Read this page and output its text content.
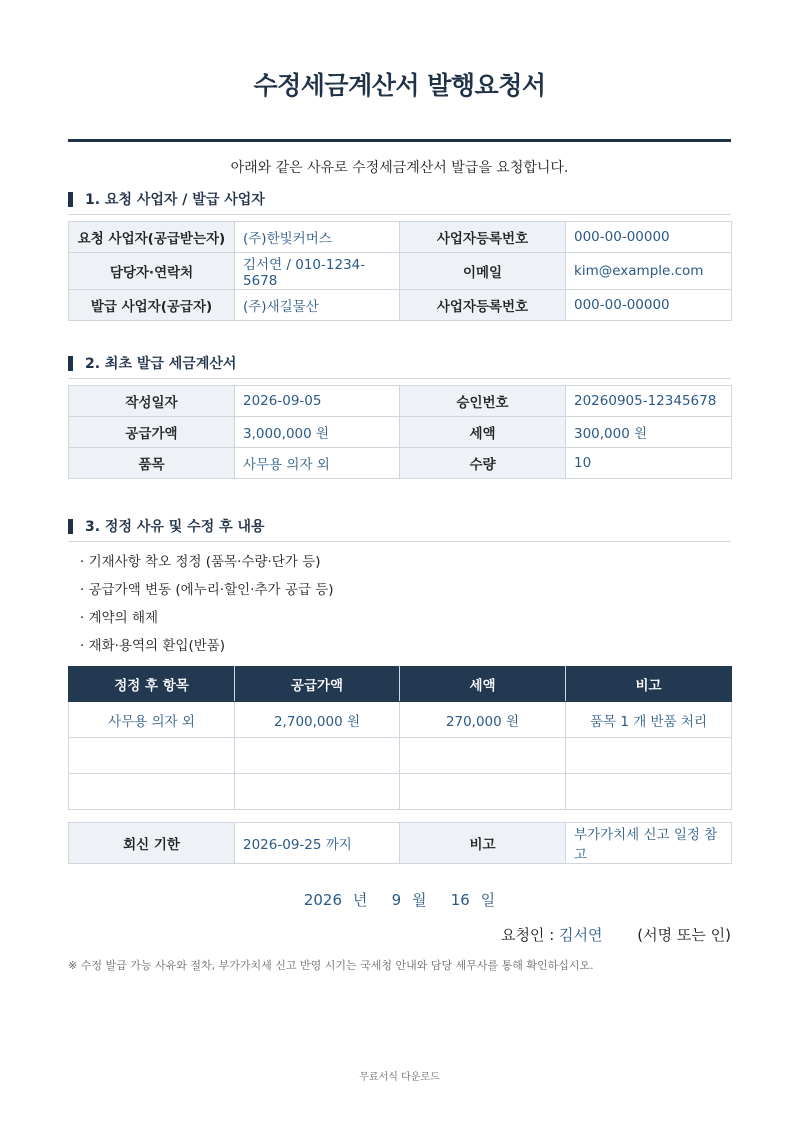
수정세금계산서 발행요청서
아래와 같은 사유로 수정세금계산서 발급을 요청합니다.
1. 요청 사업자 / 발급 사업자
요청 사업자(공급받는자)	(주)한빛커머스	사업자등록번호	000-00-00000
담당자·연락처	김서연 / 010-1234-5678	이메일	kim@example.com
발급 사업자(공급자)	(주)새길물산	사업자등록번호	000-00-00000
2. 최초 발급 세금계산서
작성일자	2026-09-05	승인번호	20260905-12345678
공급가액	3,000,000 원	세액	300,000 원
품목	사무용 의자 외	수량	10
3. 정정 사유 및 수정 후 내용
· 기재사항 착오 정정 (품목·수량·단가 등)
· 공급가액 변동 (에누리·할인·추가 공급 등)
· 계약의 해제
· 재화·용역의 환입(반품)
정정 후 항목	공급가액	세액	비고
사무용 의자 외	2,700,000 원	270,000 원	품목 1 개 반품 처리

회신 기한	2026-09-25 까지	비고	부가가치세 신고 일정 참고
2026 년 9 월 16 일
요청인 : 김서연 (서명 또는 인)
※ 수정 발급 가능 사유와 절차, 부가가치세 신고 반영 시기는 국세청 안내와 담당 세무사를 통해 확인하십시오.
무료서식 다운로드
